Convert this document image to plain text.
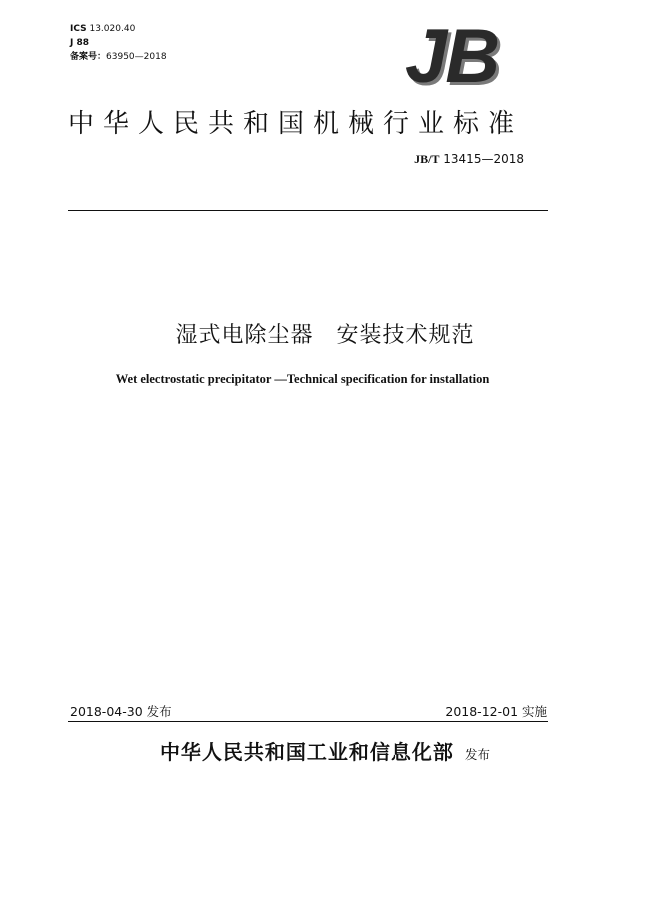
ICS 13.020.40
J 88
备案号：63950—2018	JB
中华人民共和国机械行业标准
JB/T 13415—2018
湿式电除尘器　安装技术规范
Wet electrostatic precipitator —Technical specification for installation
2018-04-30 发布	2018-12-01 实施
中华人民共和国工业和信息化部 发布
